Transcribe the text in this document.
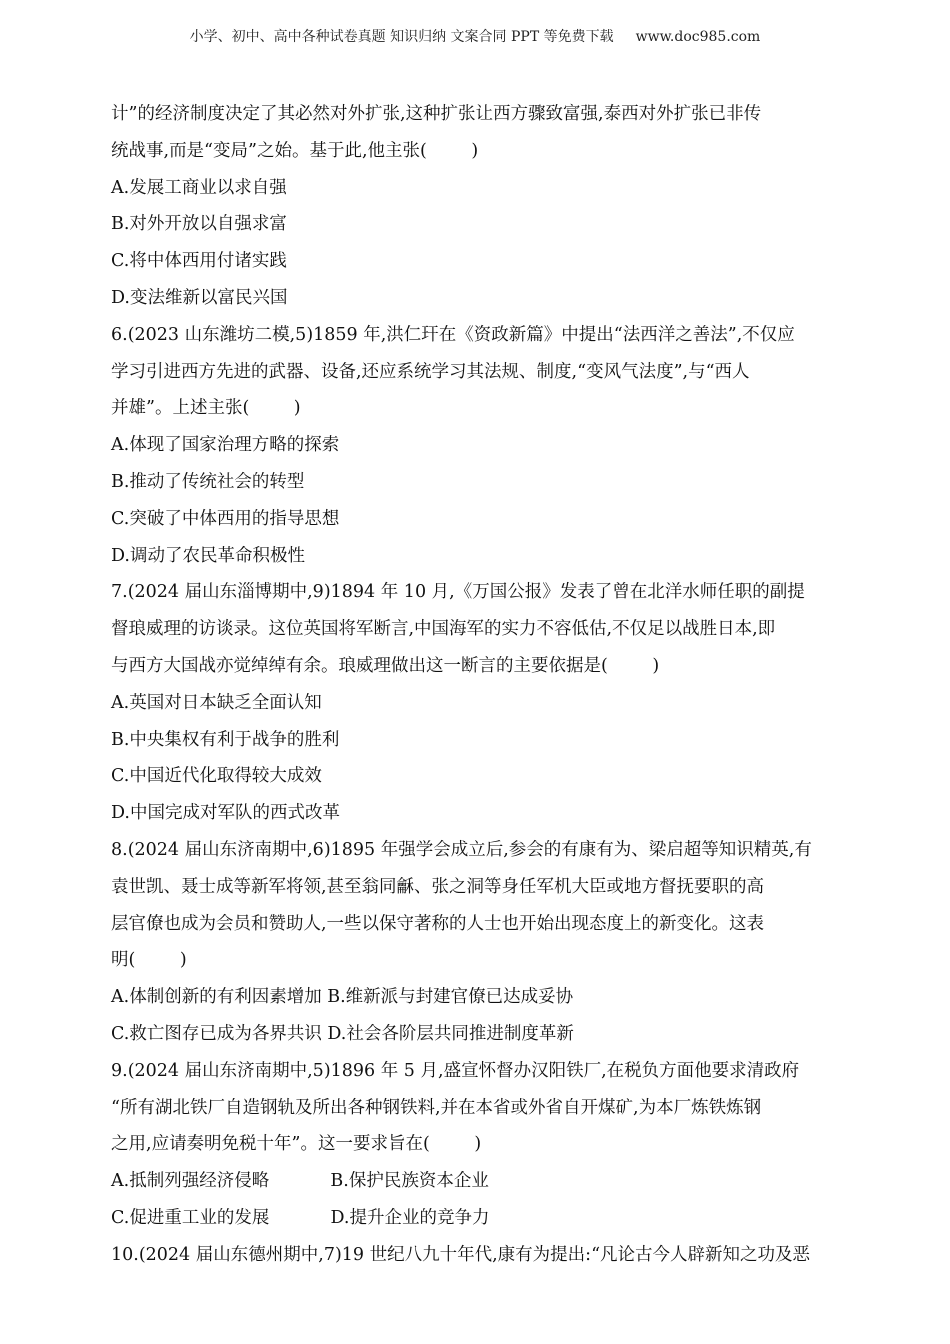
小学、初中、高中各种试卷真题 知识归纳 文案合同 PPT 等免费下载 www.doc985.com

计”的经济制度决定了其必然对外扩张,这种扩张让西方骤致富强,泰西对外扩张已非传

统战事,而是“变局”之始。基于此,他主张(        )

A.发展工商业以求自强

B.对外开放以自强求富

C.将中体西用付诸实践

D.变法维新以富民兴国

6.(2023 山东潍坊二模,5)1859 年,洪仁玕在《资政新篇》中提出“法西洋之善法”,不仅应

学习引进西方先进的武器、设备,还应系统学习其法规、制度,“变风气法度”,与“西人

并雄”。上述主张(        )

A.体现了国家治理方略的探索

B.推动了传统社会的转型

C.突破了中体西用的指导思想

D.调动了农民革命积极性

7.(2024 届山东淄博期中,9)1894 年 10 月,《万国公报》发表了曾在北洋水师任职的副提

督琅威理的访谈录。这位英国将军断言,中国海军的实力不容低估,不仅足以战胜日本,即

与西方大国战亦觉绰绰有余。琅威理做出这一断言的主要依据是(        )

A.英国对日本缺乏全面认知

B.中央集权有利于战争的胜利

C.中国近代化取得较大成效

D.中国完成对军队的西式改革

8.(2024 届山东济南期中,6)1895 年强学会成立后,参会的有康有为、梁启超等知识精英,有

袁世凯、聂士成等新军将领,甚至翁同龢、张之洞等身任军机大臣或地方督抚要职的高

层官僚也成为会员和赞助人,一些以保守著称的人士也开始出现态度上的新变化。这表

明(        )

A.体制创新的有利因素增加 B.维新派与封建官僚已达成妥协

C.救亡图存已成为各界共识 D.社会各阶层共同推进制度革新

9.(2024 届山东济南期中,5)1896 年 5 月,盛宣怀督办汉阳铁厂,在税负方面他要求清政府

“所有湖北铁厂自造钢轨及所出各种钢铁料,并在本省或外省自开煤矿,为本厂炼铁炼钢

之用,应请奏明免税十年”。这一要求旨在(        )

A.抵制列强经济侵略           B.保护民族资本企业

C.促进重工业的发展           D.提升企业的竞争力

10.(2024 届山东德州期中,7)19 世纪八九十年代,康有为提出:“凡论古今人辟新知之功及恶
